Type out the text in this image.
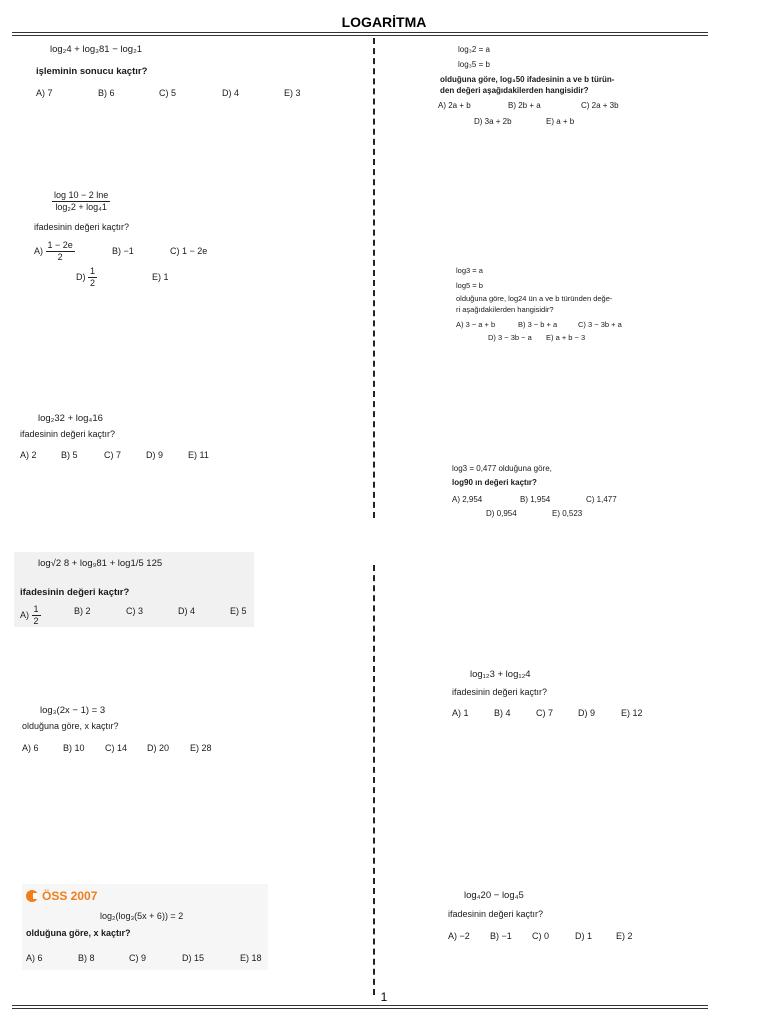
LOGARİTMA
log₂4 + log₃81 − log₂1
işleminin sonucu kaçtır?
A) 7	B) 6	C) 5	D) 4	E) 3
$\frac{\log 10 - 2 \ln e}{\text{log₂2 + log₄1}}$
ifadesinin değeri kaçtır?
$A) \frac{1 - 2e}{2}$	B) −1	C) 1 − 2e
$D) \frac{1}{2}$	E) 1
log₂32 + log₄16
ifadesinin değeri kaçtır?
A) 2	B) 5	C) 7	D) 9	E) 11
log√2 8 + log₉81 + log1/5 125
ifadesinin değeri kaçtır?
$A) \frac{1}{2}$	B) 2	C) 3	D) 4	E) 5
log₃(2x − 1) = 3
olduğuna göre, x kaçtır?
A) 6	B) 10 C) 14 D) 20 E) 28
ÖSS 2007
log₂(log₃(5x + 6)) = 2
olduğuna göre, x kaçtır?
A) 6	B) 8	C) 9	D) 15	E) 18
log₃2 = a
log₃5 = b
olduğuna göre, log₃50 ifadesinin a ve b türün-
den değeri aşağıdakilerden hangisidir?
A) 2a + b	B) 2b + a	C) 2a + 3b
D) 3a + 2b	E) a + b
log3 = a
log5 = b
olduğuna göre, log24 ün a ve b türünden değe-
ri aşağıdakilerden hangisidir?
A) 3 − a + b	B) 3 − b + a	C) 3 − 3b + a
D) 3 − 3b − a E) a + b − 3
log3 = 0,477 olduğuna göre,
log90 ın değeri kaçtır?
A) 2,954	B) 1,954	C) 1,477
D) 0,954	E) 0,523
log₁₂3 + log₁₂4
ifadesinin değeri kaçtır?
A) 1	B) 4	C) 7	D) 9	E) 12
log₄20 − log₄5
ifadesinin değeri kaçtır?
A) −2 B) −1 C) 0	D) 1	E) 2
1
